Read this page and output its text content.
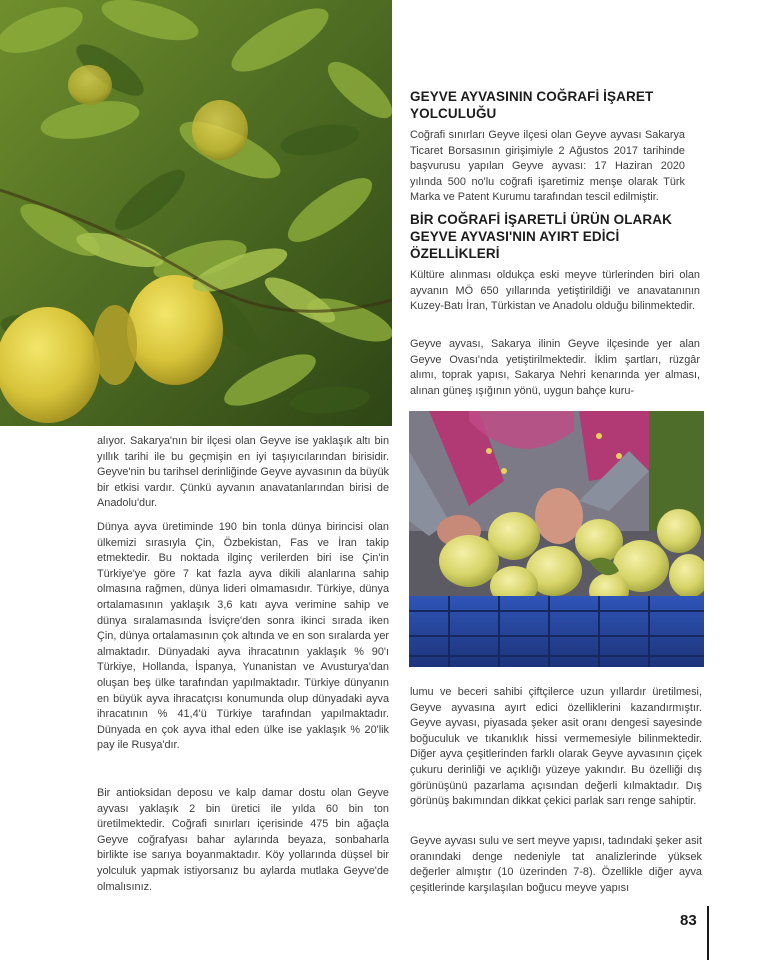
GEYVE AYVASININ COĞRAFİ İŞARET YOLCULUĞU

Coğrafi sınırları Geyve ilçesi olan Geyve ayvası Sakarya Ticaret Borsasının girişimiyle 2 Ağustos 2017 tarihinde başvurusu yapılan Geyve ayvası: 17 Haziran 2020 yılında 500 no'lu coğrafi işaretimiz menşe olarak Türk Marka ve Patent Kurumu tarafından tescil edilmiştir.

BİR COĞRAFİ İŞARETLİ ÜRÜN OLARAK GEYVE AYVASI'NIN AYIRT EDİCİ ÖZELLİKLERİ

Kültüre alınması oldukça eski meyve türlerinden biri olan ayvanın MÖ 650 yıllarında yetiştirildiği ve anavatanının Kuzey-Batı İran, Türkistan ve Anadolu olduğu bilinmektedir.

Geyve ayvası, Sakarya ilinin Geyve ilçesinde yer alan Geyve Ovası'nda yetiştirilmektedir. İklim şartları, rüzgâr alımı, toprak yapısı, Sakarya Nehri kenarında yer alması, alınan güneş ışığının yönü, uygun bahçe kuru-

alıyor. Sakarya'nın bir ilçesi olan Geyve ise yaklaşık altı bin yıllık tarihi ile bu geçmişin en iyi taşıyıcılarından birisidir. Geyve'nin bu tarihsel derinliğinde Geyve ayvasının da büyük bir etkisi vardır. Çünkü ayvanın anavatanlarından birisi de Anadolu'dur.

Dünya ayva üretiminde 190 bin tonla dünya birincisi olan ülkemizi sırasıyla Çin, Özbekistan, Fas ve İran takip etmektedir. Bu noktada ilginç verilerden biri ise Çin'in Türkiye'ye göre 7 kat fazla ayva dikili alanlarına sahip olmasına rağmen, dünya lideri olmamasıdır. Türkiye, dünya ortalamasının yaklaşık 3,6 katı ayva verimine sahip ve dünya sıralamasında İsviçre'den sonra ikinci sırada iken Çin, dünya ortalamasının çok altında ve en son sıralarda yer almaktadır. Dünyadaki ayva ihracatının yaklaşık % 90'ı Türkiye, Hollanda, İspanya, Yunanistan ve Avusturya'dan oluşan beş ülke tarafından yapılmaktadır. Türkiye dünyanın en büyük ayva ihracatçısı konumunda olup dünyadaki ayva ihracatının % 41,4'ü Türkiye tarafından yapılmaktadır. Dünyada en çok ayva ithal eden ülke ise yaklaşık % 20'lik pay ile Rusya'dır.

Bir antioksidan deposu ve kalp damar dostu olan Geyve ayvası yaklaşık 2 bin üretici ile yılda 60 bin ton üretilmektedir. Coğrafi sınırları içerisinde 475 bin ağaçla Geyve coğrafyası bahar aylarında beyaza, sonbaharla birlikte ise sarıya boyanmaktadır. Köy yollarında düşsel bir yolculuk yapmak istiyorsanız bu aylarda mutlaka Geyve'de olmalısınız.

lumu ve beceri sahibi çiftçilerce uzun yıllardır üretilmesi, Geyve ayvasına ayırt edici özelliklerini kazandırmıştır. Geyve ayvası, piyasada şeker asit oranı dengesi sayesinde boğuculuk ve tıkanıklık hissi vermemesiyle bilinmektedir. Diğer ayva çeşitlerinden farklı olarak Geyve ayvasının çiçek çukuru derinliği ve açıklığı yüzeye yakındır. Bu özelliği dış görünüşünü pazarlama açısından değerli kılmaktadır. Dış görünüş bakımından dikkat çekici parlak sarı renge sahiptir.

Geyve ayvası sulu ve sert meyve yapısı, tadındaki şeker asit oranındaki denge nedeniyle tat analizlerinde yüksek değerler almıştır (10 üzerinden 7-8). Özellikle diğer ayva çeşitlerinde karşılaşılan boğucu meyve yapısı

83
